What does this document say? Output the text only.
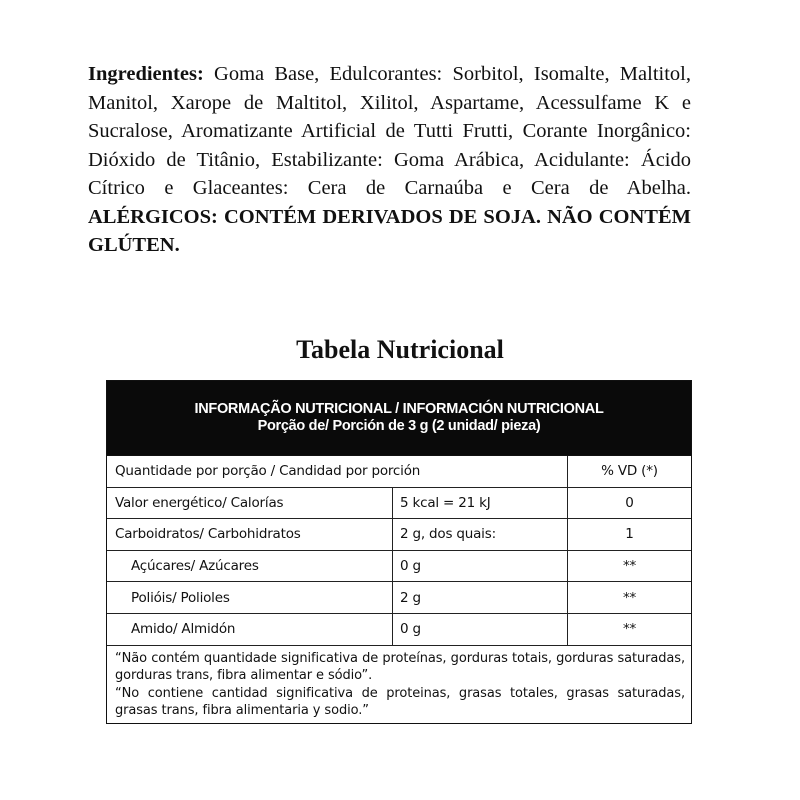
Ingredientes: Goma Base, Edulcorantes: Sorbitol, Isomalte, Maltitol, Manitol, Xarope de Maltitol, Xilitol, Aspartame, Acessulfame K e Sucralose, Aromatizante Artificial de Tutti Frutti, Corante Inorgânico: Dióxido de Titânio, Estabilizante: Goma Arábica, Acidulante: Ácido Cítrico e Glaceantes: Cera de Carnaúba e Cera de Abelha. ALÉRGICOS: CONTÉM DERIVADOS DE SOJA. NÃO CONTÉM GLÚTEN.
Tabela Nutricional
INFORMAÇÃO NUTRICIONAL / INFORMACIÓN NUTRICIONAL
Porção de/ Porción de 3 g (2 unidad/ pieza)
Quantidade por porção / Candidad por porción	% VD (*)
Valor energético/ Calorías	5 kcal = 21 kJ	0
Carboidratos/ Carbohidratos	2 g, dos quais:	1
Açúcares/ Azúcares	0 g	**
Polióis/ Polioles	2 g	**
Amido/ Almidón	0 g	**

“Não contém quantidade significativa de proteínas, gorduras totais, gorduras saturadas, gorduras trans, fibra alimentar e sódio”.

“No contiene cantidad significativa de proteinas, grasas totales, grasas saturadas, grasas trans, fibra alimentaria y sodio.”
